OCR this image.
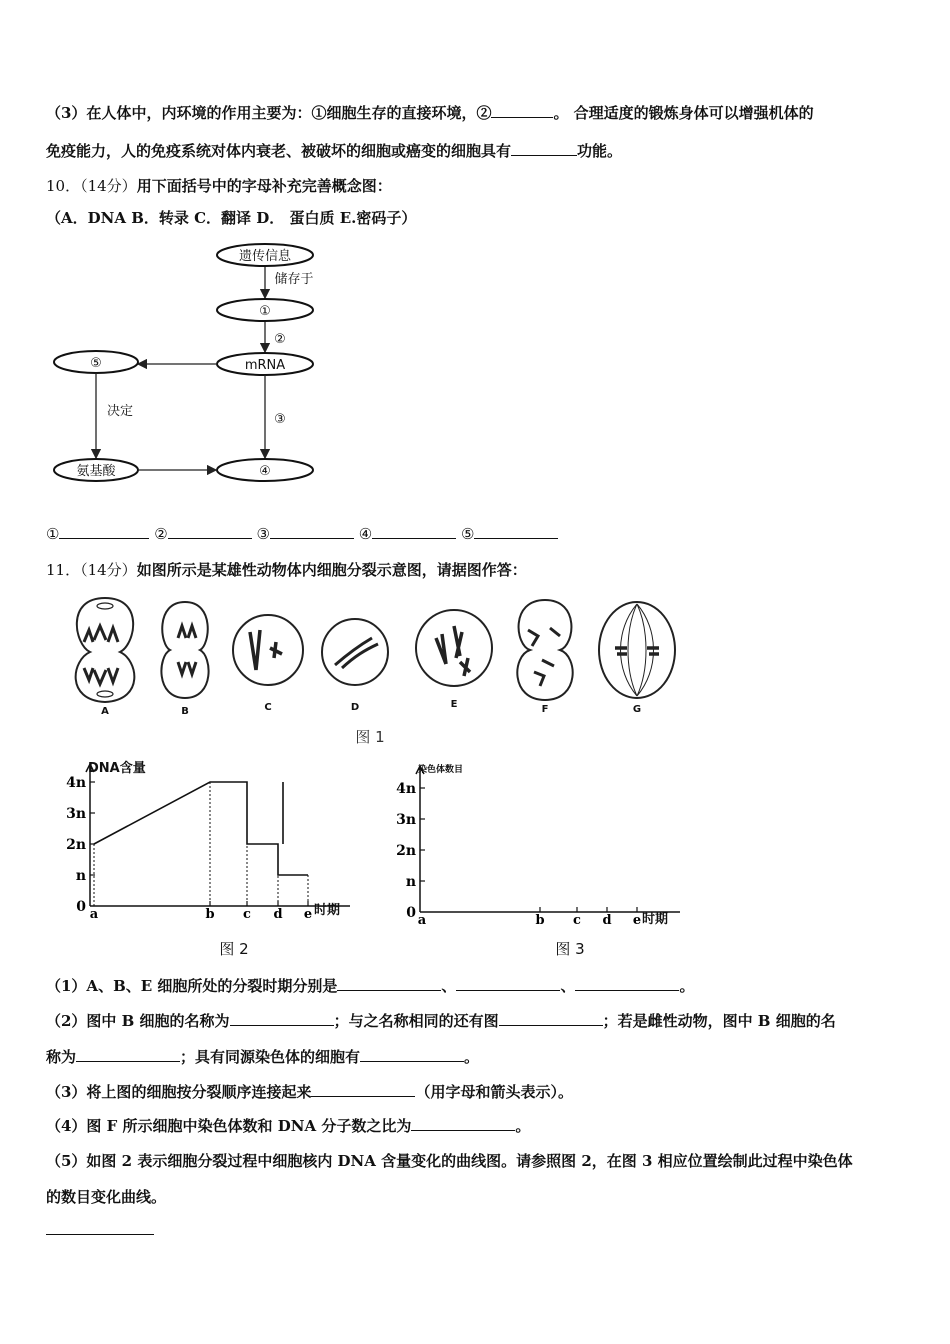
（3）在人体中，内环境的作用主要为：①细胞生存的直接环境，②	。 合理适度的锻炼身体可以增强机体的
免疫能力，人的免疫系统对体内衰老、被破坏的细胞或癌变的细胞具有	功能。
10．（14分）用下面括号中的字母补充完善概念图：
（A．DNA B．转录 C．翻译 D． 蛋白质 E.密码子）
遗传信息
储存于
①
②
mRNA
⑤
决定
③
氨基酸	④
①	②	③	④	⑤
11．（14分）如图所示是某雄性动物体内细胞分裂示意图，请据图作答：
A	B	C	D	E	F	G
图 1
DNA含量
时期
图 2
4n
3n
2n
n
0 a	b c d e
染色体数目
时期
图 3
4n
3n
2n
n
0 a	b c d e
（1）A、B、E 细胞所处的分裂时期分别是	、	、	。
（2）图中 B 细胞的名称为	；与之名称相同的还有图	；若是雌性动物，图中 B 细胞的名
称为	；具有同源染色体的细胞有	。
（3）将上图的细胞按分裂顺序连接起来	（用字母和箭头表示）。
（4）图 F 所示细胞中染色体数和 DNA 分子数之比为	。
（5）如图 2 表示细胞分裂过程中细胞核内 DNA 含量变化的曲线图。请参照图 2，在图 3 相应位置绘制此过程中染色体
的数目变化曲线。
